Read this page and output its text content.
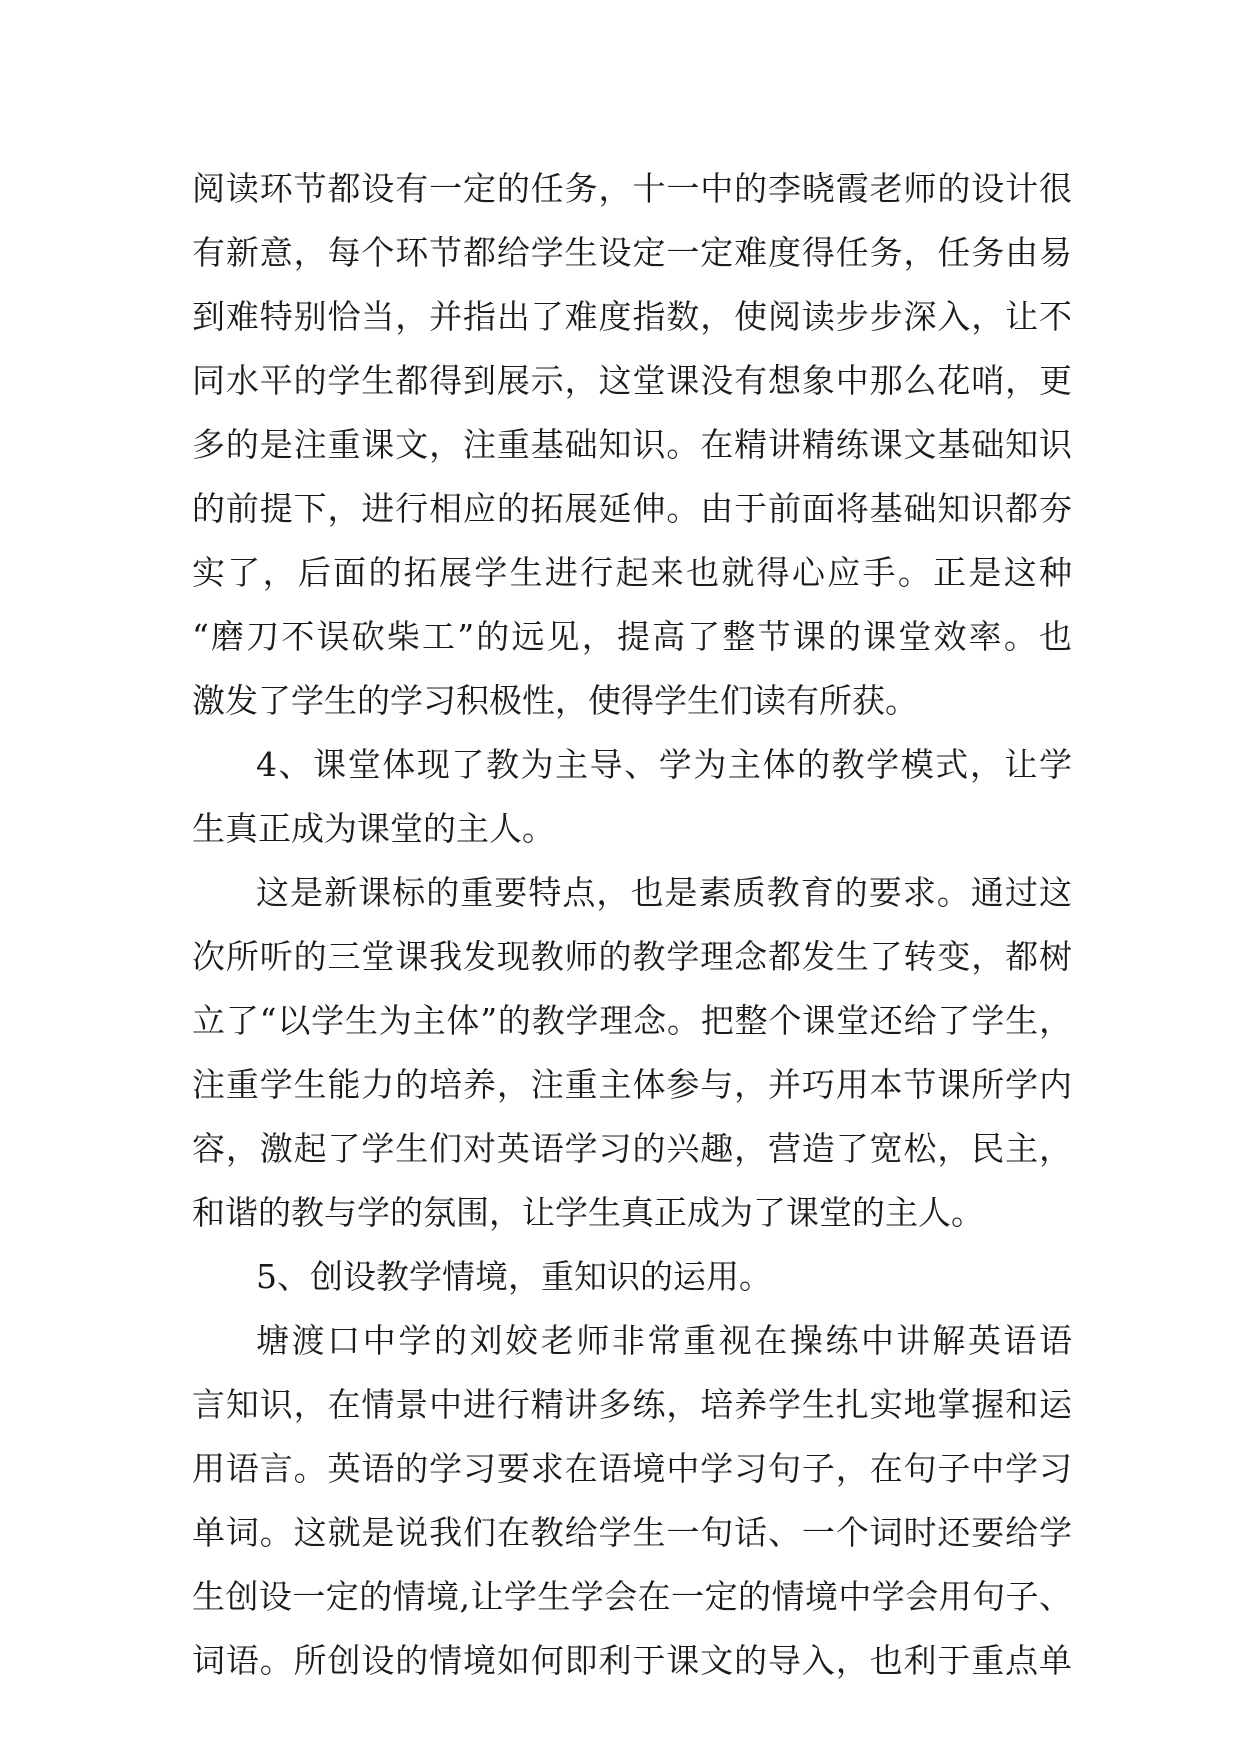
阅读环节都设有一定的任务，十一中的李晓霞老师的设计很
有新意，每个环节都给学生设定一定难度得任务，任务由易
到难特别恰当，并指出了难度指数，使阅读步步深入，让不
同水平的学生都得到展示，这堂课没有想象中那么花哨，更
多的是注重课文，注重基础知识。在精讲精练课文基础知识
的前提下，进行相应的拓展延伸。由于前面将基础知识都夯
实了，后面的拓展学生进行起来也就得心应手。正是这种
“磨刀不误砍柴工”的远见，提高了整节课的课堂效率。也
激发了学生的学习积极性，使得学生们读有所获。
4、课堂体现了教为主导、学为主体的教学模式，让学
生真正成为课堂的主人。
这是新课标的重要特点，也是素质教育的要求。通过这
次所听的三堂课我发现教师的教学理念都发生了转变，都树
立了“以学生为主体”的教学理念。把整个课堂还给了学生，
注重学生能力的培养，注重主体参与，并巧用本节课所学内
容，激起了学生们对英语学习的兴趣，营造了宽松，民主，
和谐的教与学的氛围，让学生真正成为了课堂的主人。
5、创设教学情境，重知识的运用。
塘渡口中学的刘姣老师非常重视在操练中讲解英语语
言知识，在情景中进行精讲多练，培养学生扎实地掌握和运
用语言。英语的学习要求在语境中学习句子，在句子中学习
单词。这就是说我们在教给学生一句话、一个词时还要给学
生创设一定的情境,让学生学会在一定的情境中学会用句子、
词语。所创设的情境如何即利于课文的导入，也利于重点单
